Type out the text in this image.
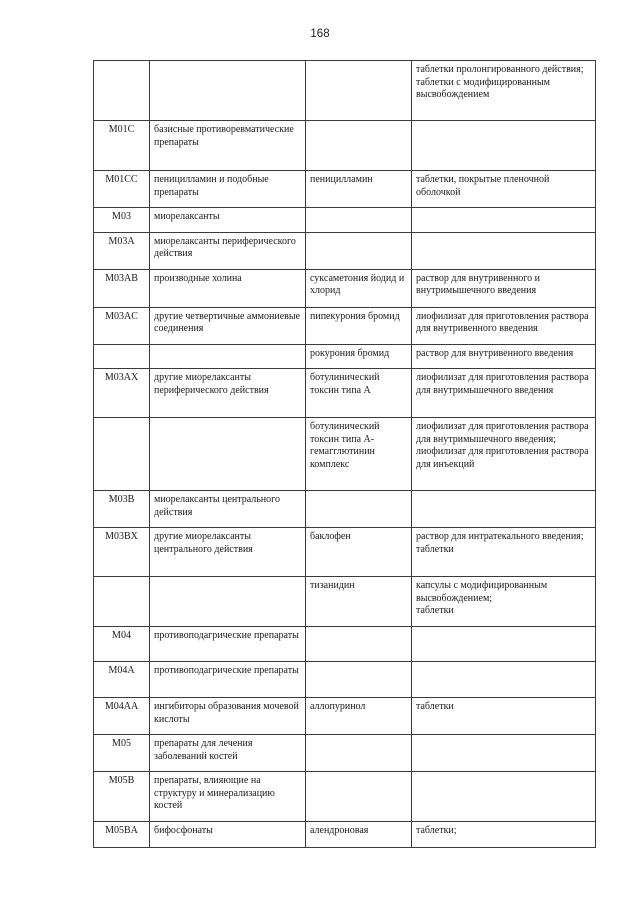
168
			таблетки пролонгированного действия;
таблетки с модифицированным высвобождением
M01C	базисные противоревматические препараты		
M01CC	пеницилламин и подобные препараты	пеницилламин	таблетки, покрытые пленочной оболочкой
M03	миорелаксанты		
M03A	миорелаксанты периферического действия		
M03AB	производные холина	суксаметония йодид и хлорид	раствор для внутривенного и внутримышечного введения
M03AC	другие четвертичные аммониевые соединения	пипекурония бромид	лиофилизат для приготовления раствора для внутривенного введения
		рокурония бромид	раствор для внутривенного введения
M03AX	другие миорелаксанты периферического действия	ботулинический токсин типа А	лиофилизат для приготовления раствора для внутримышечного введения
		ботулинический токсин типа А-гемагглютинин комплекс	лиофилизат для приготовления раствора для внутримышечного введения;
лиофилизат для приготовления раствора для инъекций
M03B	миорелаксанты центрального действия		
M03BX	другие миорелаксанты центрального действия	баклофен	раствор для интратекального введения;
таблетки
		тизанидин	капсулы с модифицированным высвобождением;
таблетки
M04	противоподагрические препараты		
M04A	противоподагрические препараты		
M04AA	ингибиторы образования мочевой кислоты	аллопуринол	таблетки
M05	препараты для лечения заболеваний костей		
M05B	препараты, влияющие на структуру и минерализацию костей		
M05BA	бифосфонаты	алендроновая	таблетки;
